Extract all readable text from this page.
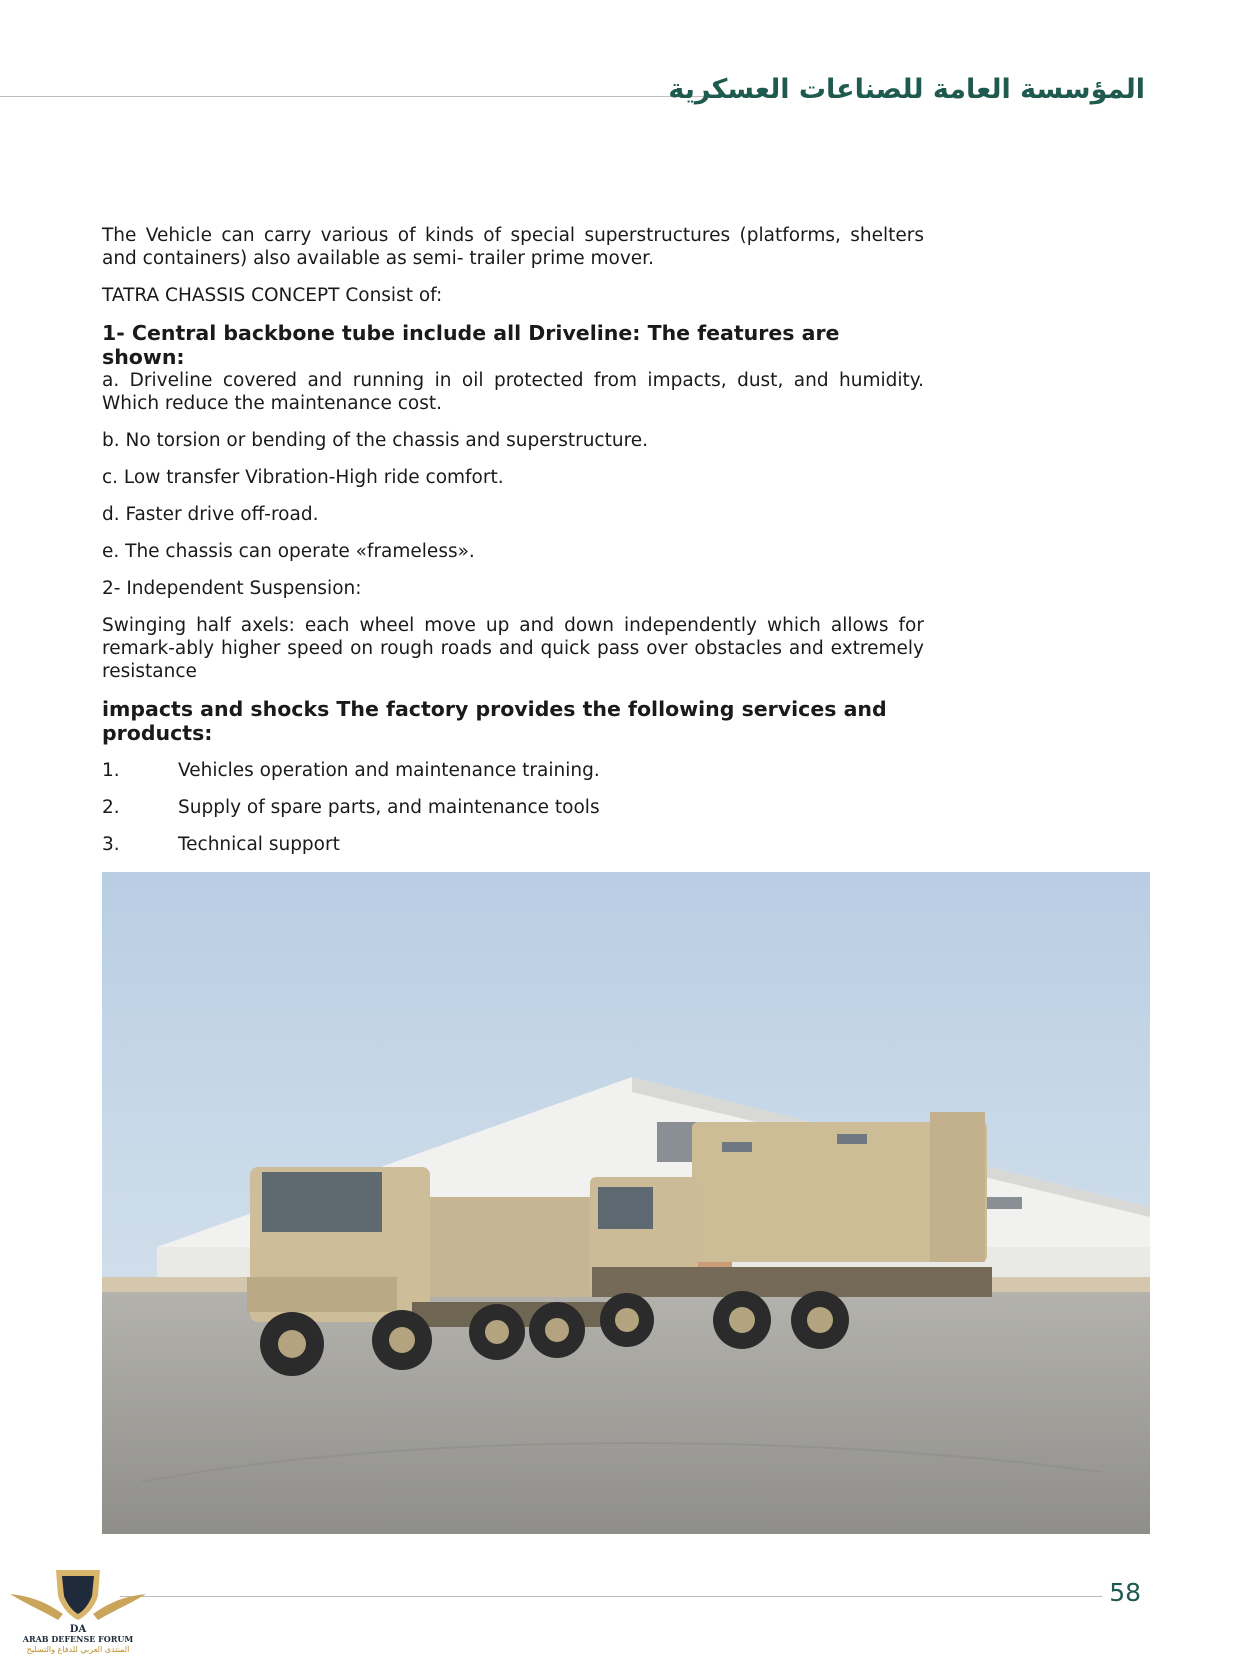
المؤسسة العامة للصناعات العسكرية

The Vehicle can carry various of kinds of special superstructures (platforms, shelters and containers) also available as semi- trailer prime mover.

TATRA CHASSIS CONCEPT Consist of:

1- Central backbone tube include all Driveline: The features are shown:

a. Driveline covered and running in oil protected from impacts, dust, and humidity. Which reduce the maintenance cost.

b. No torsion or bending of the chassis and superstructure.

c. Low transfer Vibration-High ride comfort.

d. Faster drive off-road.

e. The chassis can operate «frameless».

2- Independent Suspension:

Swinging half axels: each wheel move up and down independently which allows for remark-ably higher speed on rough roads and quick pass over obstacles and extremely resistance

impacts and shocks The factory provides the following services and products:

1.	Vehicles operation and maintenance training.
2.	Supply of spare parts, and maintenance tools
3.	Technical support
58
DA
ARAB DEFENSE FORUM
المنتدى العربي للدفاع والتسليح
